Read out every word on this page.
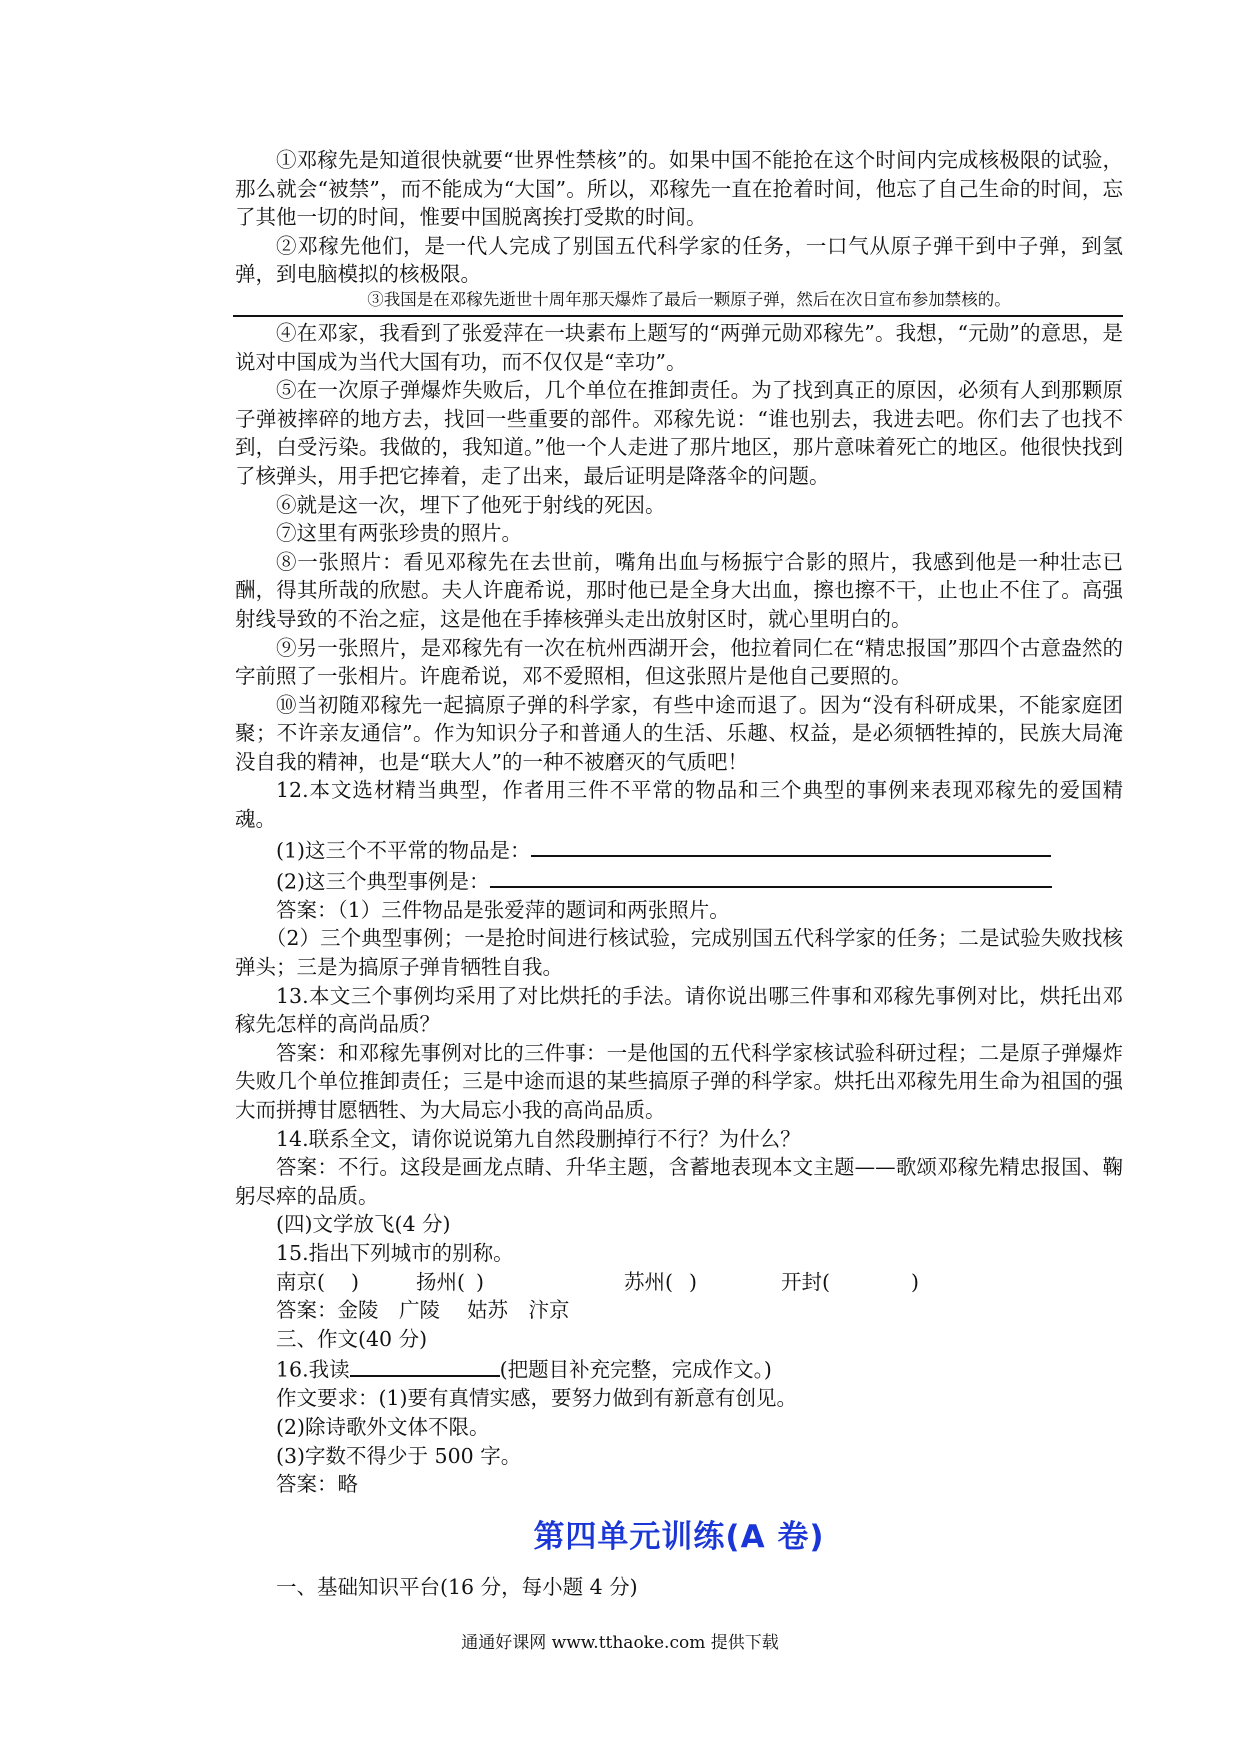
①邓稼先是知道很快就要“世界性禁核”的。如果中国不能抢在这个时间内完成核极限的试验，那么就会“被禁”，而不能成为“大国”。所以，邓稼先一直在抢着时间，他忘了自己生命的时间，忘了其他一切的时间，惟要中国脱离挨打受欺的时间。

②邓稼先他们，是一代人完成了别国五代科学家的任务，一口气从原子弹干到中子弹，到氢弹，到电脑模拟的核极限。

③我国是在邓稼先逝世十周年那天爆炸了最后一颗原子弹，然后在次日宣布参加禁核的。

④在邓家，我看到了张爱萍在一块素布上题写的“两弹元勋邓稼先”。我想，“元勋”的意思，是说对中国成为当代大国有功，而不仅仅是“幸功”。

⑤在一次原子弹爆炸失败后，几个单位在推卸责任。为了找到真正的原因，必须有人到那颗原子弹被摔碎的地方去，找回一些重要的部件。邓稼先说：“谁也别去，我进去吧。你们去了也找不到，白受污染。我做的，我知道。”他一个人走进了那片地区，那片意味着死亡的地区。他很快找到了核弹头，用手把它捧着，走了出来，最后证明是降落伞的问题。

⑥就是这一次，埋下了他死于射线的死因。

⑦这里有两张珍贵的照片。

⑧一张照片：看见邓稼先在去世前，嘴角出血与杨振宁合影的照片，我感到他是一种壮志已酬，得其所哉的欣慰。夫人许鹿希说，那时他已是全身大出血，擦也擦不干，止也止不住了。高强射线导致的不治之症，这是他在手捧核弹头走出放射区时，就心里明白的。

⑨另一张照片，是邓稼先有一次在杭州西湖开会，他拉着同仁在“精忠报国”那四个古意盎然的字前照了一张相片。许鹿希说，邓不爱照相，但这张照片是他自己要照的。

⑩当初随邓稼先一起搞原子弹的科学家，有些中途而退了。因为“没有科研成果，不能家庭团聚；不许亲友通信”。作为知识分子和普通人的生活、乐趣、权益，是必须牺牲掉的，民族大局淹没自我的精神，也是“联大人”的一种不被磨灭的气质吧！

12.本文选材精当典型，作者用三件不平常的物品和三个典型的事例来表现邓稼先的爱国精魂。

(1)这三个不平常的物品是：

(2)这三个典型事例是：

答案：（1）三件物品是张爱萍的题词和两张照片。

（2）三个典型事例；一是抢时间进行核试验，完成别国五代科学家的任务；二是试验失败找核弹头；三是为搞原子弹肯牺牲自我。

13.本文三个事例均采用了对比烘托的手法。请你说出哪三件事和邓稼先事例对比，烘托出邓稼先怎样的高尚品质？

答案：和邓稼先事例对比的三件事：一是他国的五代科学家核试验科研过程；二是原子弹爆炸失败几个单位推卸责任；三是中途而退的某些搞原子弹的科学家。烘托出邓稼先用生命为祖国的强大而拼搏甘愿牺牲、为大局忘小我的高尚品质。

14.联系全文，请你说说第九自然段删掉行不行？为什么？

答案：不行。这段是画龙点睛、升华主题，含蓄地表现本文主题——歌颂邓稼先精忠报国、鞠躬尽瘁的品质。

(四)文学放飞(4 分)

15.指出下列城市的别称。

南京( )	扬州( )	苏州( )	开封(	)

答案：金陵　广陵　 姑苏　汴京

三、作文(40 分)

16.我读	(把题目补充完整，完成作文。)

作文要求：(1)要有真情实感，要努力做到有新意有创见。

(2)除诗歌外文体不限。

(3)字数不得少于 500 字。

答案：略

第四单元训练(A 卷)

一、基础知识平台(16 分，每小题 4 分)

通通好课网 www.tthaoke.com 提供下载
